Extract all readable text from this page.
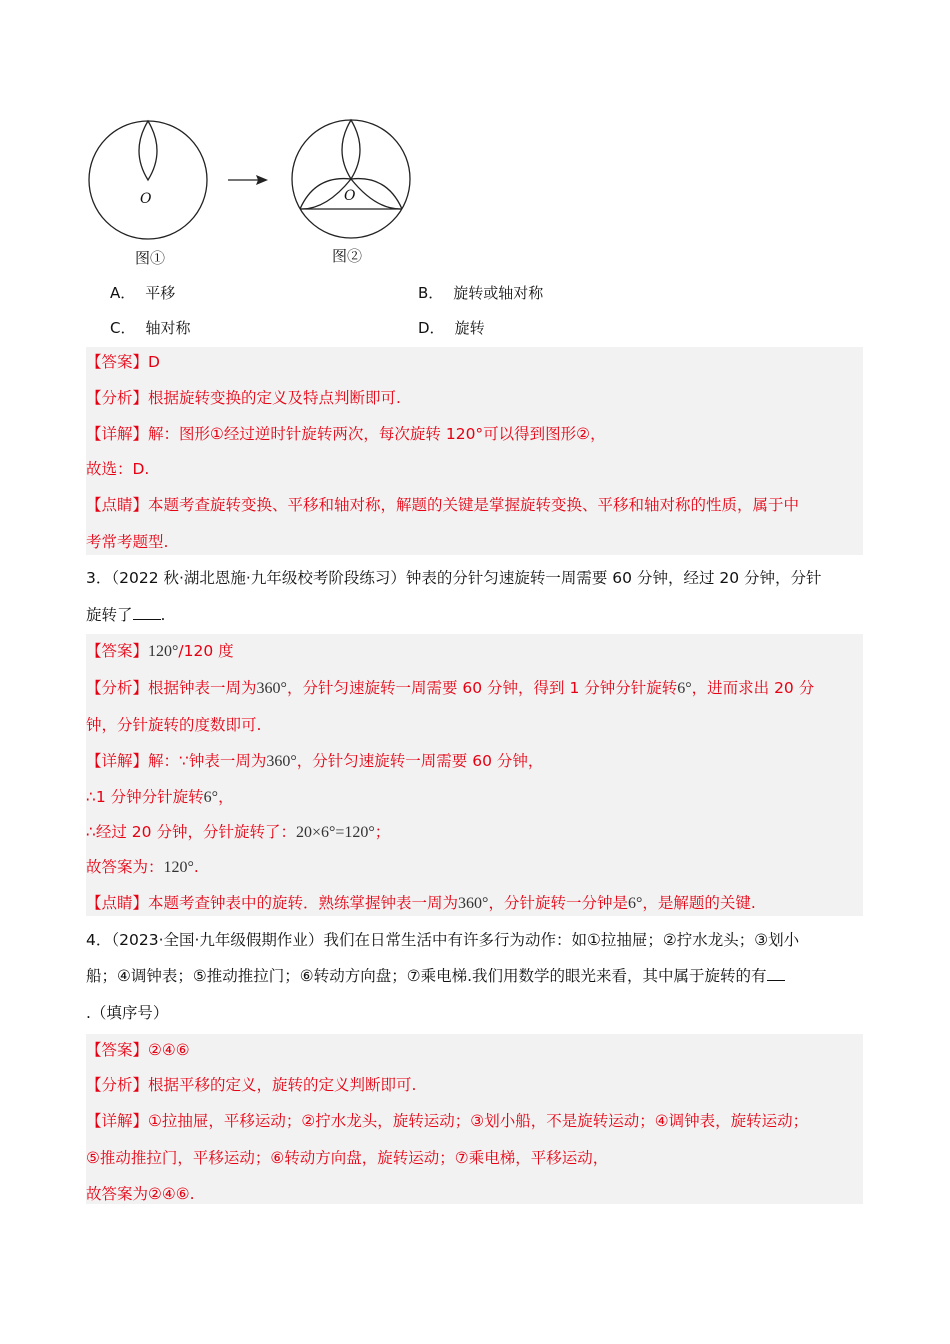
O	O
图①	图②
A． 平移	B． 旋转或轴对称
C． 轴对称	D． 旋转
【答案】D
【分析】根据旋转变换的定义及特点判断即可.
【详解】解：图形①经过逆时针旋转两次，每次旋转 120°可以得到图形②，
故选：D.
【点睛】本题考查旋转变换、平移和轴对称，解题的关键是掌握旋转变换、平移和轴对称的性质，属于中
考常考题型.
3．（2022 秋·湖北恩施·九年级校考阶段练习）钟表的分针匀速旋转一周需要 60 分钟，经过 20 分钟，分针
旋转了 .
【答案】120°/120 度
【分析】根据钟表一周为360°，分针匀速旋转一周需要 60 分钟，得到 1 分钟分针旋转6°，进而求出 20 分
钟，分针旋转的度数即可.
【详解】解：∵钟表一周为360°，分针匀速旋转一周需要 60 分钟，
∴1 分钟分针旋转6°，
∴经过 20 分钟，分针旋转了：20×6°=120°；
故答案为：120°.
【点睛】本题考查钟表中的旋转．熟练掌握钟表一周为360°，分针旋转一分钟是6°，是解题的关键.
4．（2023·全国·九年级假期作业）我们在日常生活中有许多行为动作：如①拉抽屉；②拧水龙头；③划小
船；④调钟表；⑤推动推拉门；⑥转动方向盘；⑦乘电梯.我们用数学的眼光来看，其中属于旋转的有
.（填序号）
【答案】②④⑥
【分析】根据平移的定义，旋转的定义判断即可.
【详解】①拉抽屉，平移运动；②拧水龙头，旋转运动；③划小船，不是旋转运动；④调钟表，旋转运动；
⑤推动推拉门，平移运动；⑥转动方向盘，旋转运动；⑦乘电梯，平移运动，
故答案为②④⑥.
